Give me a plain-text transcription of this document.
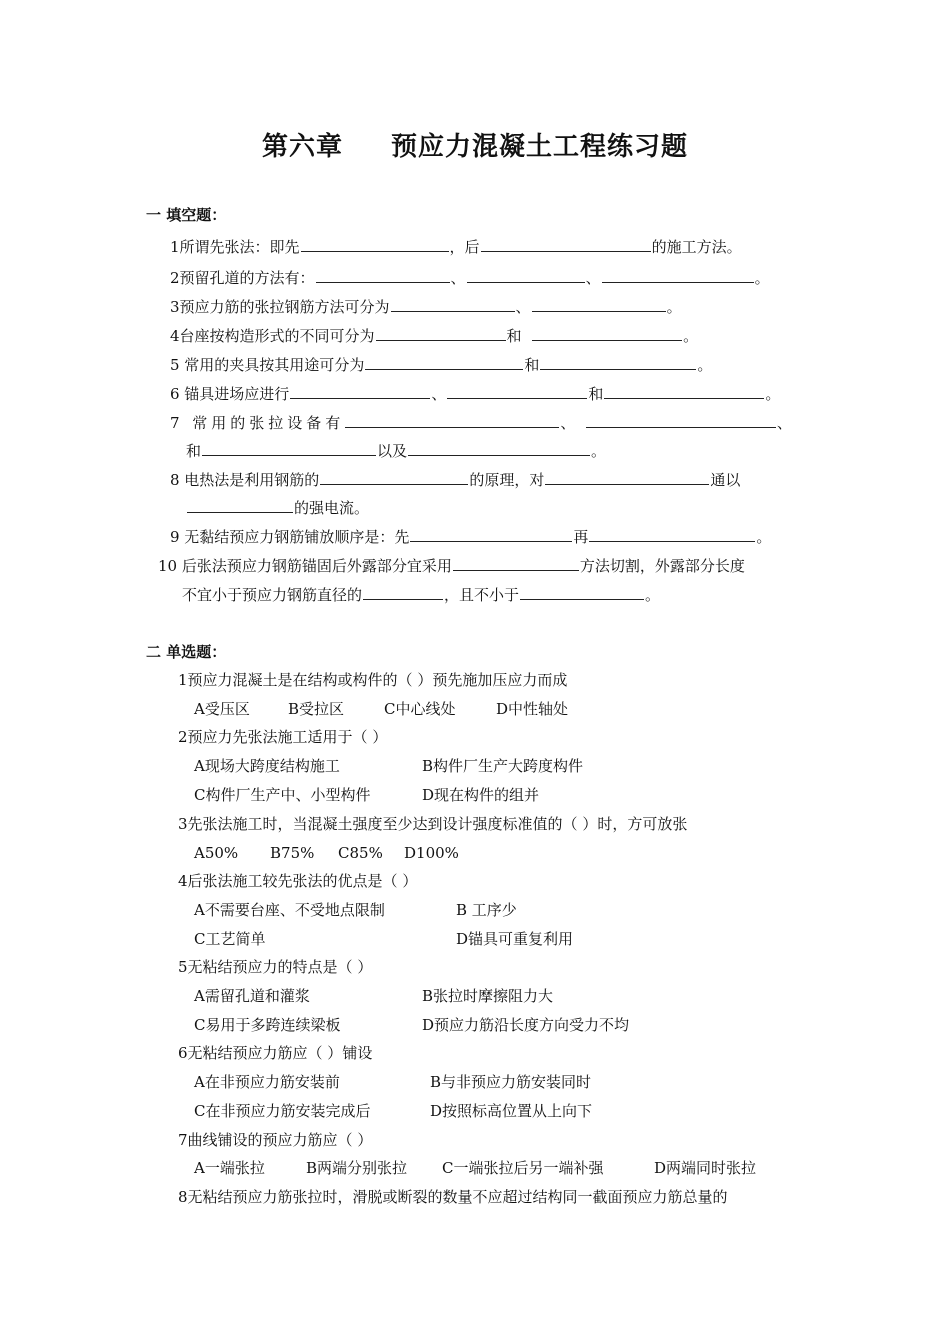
第六章 预应力混凝土工程练习题
一 填空题：
1所谓先张法：即先	，后	的施工方法。
2预留孔道的方法有：	、	、	。
3预应力筋的张拉钢筋方法可分为	、	。
4台座按构造形式的不同可分为	和	。
5 常用的夹具按其用途可分为	和	。
6 锚具进场应进行	、	和	。
7 常用的张拉设备有	、	、
和	以及	。
8 电热法是利用钢筋的	的原理，对	通以
的强电流。
9 无黏结预应力钢筋铺放顺序是：先	再	。
10 后张法预应力钢筋锚固后外露部分宜采用	方法切割，外露部分长度
不宜小于预应力钢筋直径的	，且不小于	。
二 单选题：
1预应力混凝土是在结构或构件的（ ）预先施加压应力而成
A受压区	B受拉区	C中心线处	D中性轴处
2预应力先张法施工适用于（ ）
A现场大跨度结构施工	B构件厂生产大跨度构件
C构件厂生产中、小型构件	D现在构件的组并
3先张法施工时，当混凝土强度至少达到设计强度标准值的（ ）时，方可放张
A50% B75% C85% D100%
4后张法施工较先张法的优点是（ ）
A不需要台座、不受地点限制	B 工序少
C工艺简单	D锚具可重复利用
5无粘结预应力的特点是（ ）
A需留孔道和灌浆	B张拉时摩擦阻力大
C易用于多跨连续梁板	D预应力筋沿长度方向受力不均
6无粘结预应力筋应（ ）铺设
A在非预应力筋安装前	B与非预应力筋安装同时
C在非预应力筋安装完成后	D按照标高位置从上向下
7曲线铺设的预应力筋应（ ）
A一端张拉	B两端分别张拉 C一端张拉后另一端补强	D两端同时张拉
8无粘结预应力筋张拉时，滑脱或断裂的数量不应超过结构同一截面预应力筋总量的
